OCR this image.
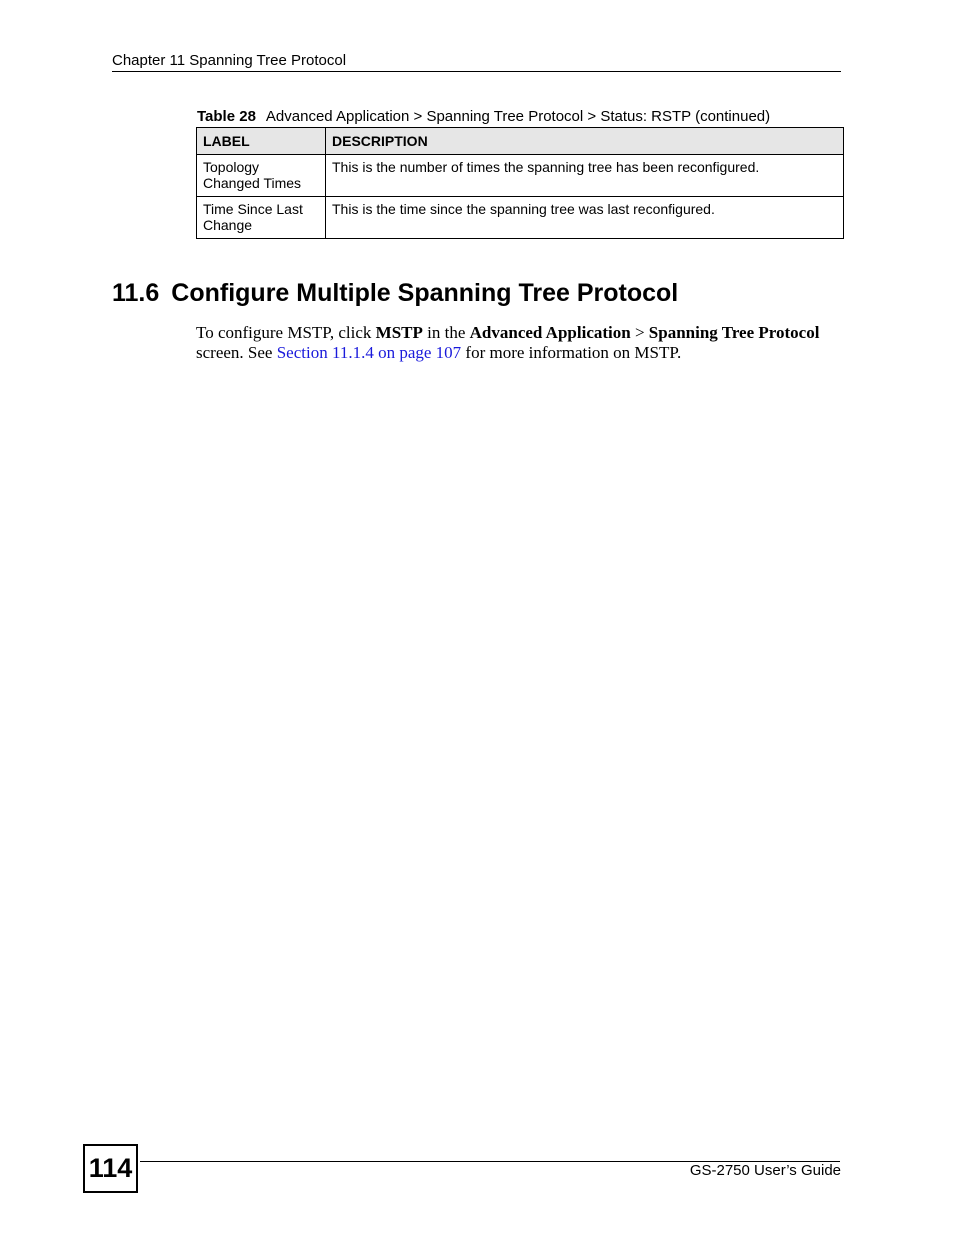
Chapter 11 Spanning Tree Protocol
Table 28 Advanced Application > Spanning Tree Protocol > Status: RSTP (continued)
LABEL	DESCRIPTION
Topology Changed Times	This is the number of times the spanning tree has been reconfigured.
Time Since Last Change	This is the time since the spanning tree was last reconfigured.
11.6 Configure Multiple Spanning Tree Protocol
To configure MSTP, click MSTP in the Advanced Application > Spanning Tree Protocol
screen. See Section 11.1.4 on page 107 for more information on MSTP.
114	GS-2750 User’s Guide
